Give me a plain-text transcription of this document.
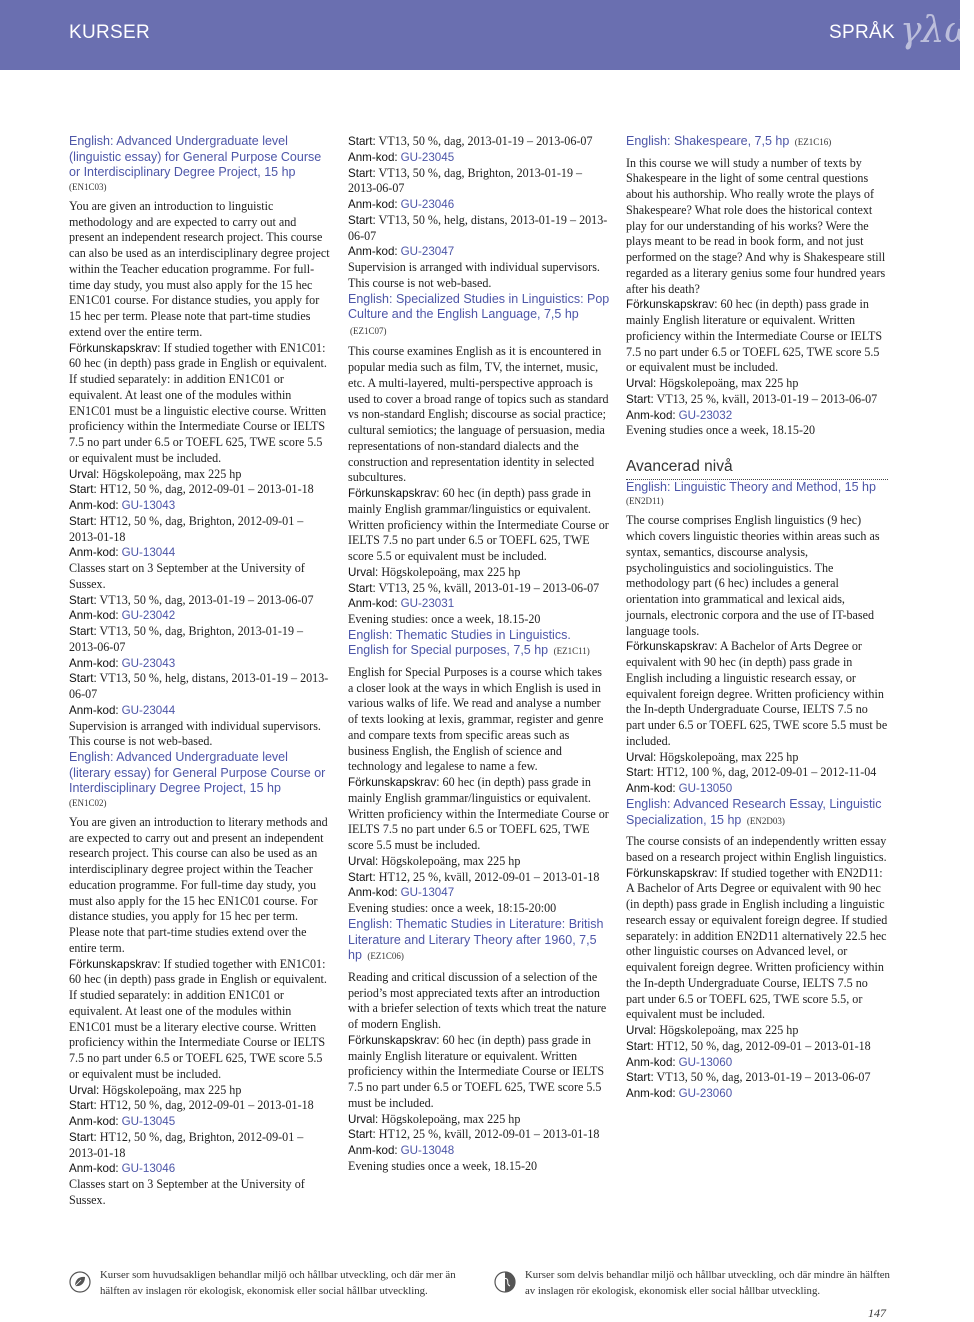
KURSER	SPRÅK γλώ

English: Advanced Undergraduate level (linguistic essay) for General Purpose Course or Interdisciplinary Degree Project, 15 hp

(EN1C03)

You are given an introduction to linguistic methodology and are expected to carry out and present an independent research project. This course can also be used as an interdisciplinary degree project within the Teacher education programme. For full-time day study, you must also apply for the 15 hec EN1C01 course. For distance studies, you apply for 15 hec per term. Please note that part-time studies extend over the entire term.

Förkunskapskrav: If studied together with EN1C01: 60 hec (in depth) pass grade in English or equivalent. If studied separately: in addition EN1C01 or equivalent. At least one of the modules within EN1C01 must be a linguistic elective course. Written proficiency within the Intermediate Course or IELTS 7.5 no part under 6.5 or TOEFL 625, TWE score 5.5 or equivalent must be included.

Urval: Högskolepoäng, max 225 hp

Start: HT12, 50 %, dag, 2012-09-01 – 2013-01-18

Anm-kod: GU-13043

Start: HT12, 50 %, dag, Brighton, 2012-09-01 – 2013-01-18

Anm-kod: GU-13044

Classes start on 3 September at the University of Sussex.

Start: VT13, 50 %, dag, 2013-01-19 – 2013-06-07

Anm-kod: GU-23042

Start: VT13, 50 %, dag, Brighton, 2013-01-19 – 2013-06-07

Anm-kod: GU-23043

Start: VT13, 50 %, helg, distans, 2013-01-19 – 2013-06-07

Anm-kod: GU-23044

Supervision is arranged with individual supervisors. This course is not web-based.

English: Advanced Undergraduate level (literary essay) for General Purpose Course or Interdisciplinary Degree Project, 15 hp

(EN1C02)

You are given an introduction to literary methods and are expected to carry out and present an independent research project. This course can also be used as an interdisciplinary degree project within the Teacher education programme. For full-time day study, you must also apply for the 15 hec EN1C01 course. For distance studies, you apply for 15 hec per term. Please note that part-time studies extend over the entire term.

Förkunskapskrav: If studied together with EN1C01: 60 hec (in depth) pass grade in English or equivalent. If studied separately: in addition EN1C01 or equivalent. At least one of the modules within EN1C01 must be a literary elective course. Written proficiency within the Intermediate Course or IELTS 7.5 no part under 6.5 or TOEFL 625, TWE score 5.5 or equivalent must be included.

Urval: Högskolepoäng, max 225 hp

Start: HT12, 50 %, dag, 2012-09-01 – 2013-01-18

Anm-kod: GU-13045

Start: HT12, 50 %, dag, Brighton, 2012-09-01 – 2013-01-18

Anm-kod: GU-13046

Classes start on 3 September at the University of Sussex.

Start: VT13, 50 %, dag, 2013-01-19 – 2013-06-07

Anm-kod: GU-23045

Start: VT13, 50 %, dag, Brighton, 2013-01-19 – 2013-06-07

Anm-kod: GU-23046

Start: VT13, 50 %, helg, distans, 2013-01-19 – 2013-06-07

Anm-kod: GU-23047

Supervision is arranged with individual supervisors. This course is not web-based.

English: Specialized Studies in Linguistics: Pop Culture and the English Language, 7,5 hp (EZ1C07)

This course examines English as it is encountered in popular media such as film, TV, the internet, music, etc. A multi-layered, multi-perspective approach is used to cover a broad range of topics such as standard vs non-standard English; discourse as social practice; cultural semiotics; the language of persuasion, media representations of non-standard dialects and the construction and representation identity in selected subcultures.

Förkunskapskrav: 60 hec (in depth) pass grade in mainly English grammar/linguistics or equivalent. Written proficiency within the Intermediate Course or IELTS 7.5 no part under 6.5 or TOEFL 625, TWE score 5.5 or equivalent must be included.

Urval: Högskolepoäng, max 225 hp

Start: VT13, 25 %, kväll, 2013-01-19 – 2013-06-07

Anm-kod: GU-23031

Evening studies: once a week, 18.15-20

English: Thematic Studies in Linguistics. English for Special purposes, 7,5 hp (EZ1C11)

English for Special Purposes is a course which takes a closer look at the ways in which English is used in various walks of life. We read and analyse a number of texts looking at lexis, grammar, register and genre and compare texts from specific areas such as business English, the English of science and technology and legalese to name a few.

Förkunskapskrav: 60 hec (in depth) pass grade in mainly English grammar/linguistics or equivalent. Written proficiency within the Intermediate Course or IELTS 7.5 no part under 6.5 or TOEFL 625, TWE score 5.5 must be included.

Urval: Högskolepoäng, max 225 hp

Start: HT12, 25 %, kväll, 2012-09-01 – 2013-01-18

Anm-kod: GU-13047

Evening studies: once a week, 18:15-20:00

English: Thematic Studies in Literature: British Literature and Literary Theory after 1960, 7,5 hp (EZ1C06)

Reading and critical discussion of a selection of the period’s most appreciated texts after an introduction with a briefer selection of texts which treat the nature of modern English.

Förkunskapskrav: 60 hec (in depth) pass grade in mainly English literature or equivalent. Written proficiency within the Intermediate Course or IELTS 7.5 no part under 6.5 or TOEFL 625, TWE score 5.5 must be included.

Urval: Högskolepoäng, max 225 hp

Start: HT12, 25 %, kväll, 2012-09-01 – 2013-01-18

Anm-kod: GU-13048

Evening studies once a week, 18.15-20

English: Shakespeare, 7,5 hp (EZ1C16)

In this course we will study a number of texts by Shakespeare in the light of some central questions about his authorship. Who really wrote the plays of Shakespeare? What role does the historical context play for our understanding of his works? Were the plays meant to be read in book form, and not just performed on the stage? And why is Shakespeare still regarded as a literary genius some four hundred years after his death?

Förkunskapskrav: 60 hec (in depth) pass grade in mainly English literature or equivalent. Written proficiency within the Intermediate Course or IELTS 7.5 no part under 6.5 or TOEFL 625, TWE score 5.5 or equivalent must be included.

Urval: Högskolepoäng, max 225 hp

Start: VT13, 25 %, kväll, 2013-01-19 – 2013-06-07

Anm-kod: GU-23032

Evening studies once a week, 18.15-20

Avancerad nivå

English: Linguistic Theory and Method, 15 hp

(EN2D11)

The course comprises English linguistics (9 hec) which covers linguistic theories within areas such as syntax, semantics, discourse analysis, psycholinguistics and sociolinguistics. The methodology part (6 hec) includes a general orientation into grammatical and lexical aids, journals, electronic corpora and the use of IT-based language tools.

Förkunskapskrav: A Bachelor of Arts Degree or equivalent with 90 hec (in depth) pass grade in English including a linguistic research essay, or equivalent foreign degree. Written proficiency within the In-depth Undergraduate Course, IELTS 7.5 no part under 6.5 or TOEFL 625, TWE score 5.5 must be included.

Urval: Högskolepoäng, max 225 hp

Start: HT12, 100 %, dag, 2012-09-01 – 2012-11-04

Anm-kod: GU-13050

English: Advanced Research Essay, Linguistic Specialization, 15 hp (EN2D03)

The course consists of an independently written essay based on a research project within English linguistics.

Förkunskapskrav: If studied together with EN2D11: A Bachelor of Arts Degree or equivalent with 90 hec (in depth) pass grade in English including a linguistic research essay or equivalent foreign degree. If studied separately: in addition EN2D11 alternatively 22.5 hec other linguistic courses on Advanced level, or equivalent foreign degree. Written proficiency within the In-depth Undergraduate Course, IELTS 7.5 no part under 6.5 or TOEFL 625, TWE score 5.5, or equivalent must be included.

Urval: Högskolepoäng, max 225 hp

Start: HT12, 50 %, dag, 2012-09-01 – 2013-01-18

Anm-kod: GU-13060

Start: VT13, 50 %, dag, 2013-01-19 – 2013-06-07

Anm-kod: GU-23060

Kurser som huvudsakligen behandlar miljö och hållbar utveckling, och där mer än hälften av inslagen rör ekologisk, ekonomisk eller social hållbar utveckling.
Kurser som delvis behandlar miljö och hållbar utveckling, och där mindre än hälften av inslagen rör ekologisk, ekonomisk eller social hållbar utveckling.
147
